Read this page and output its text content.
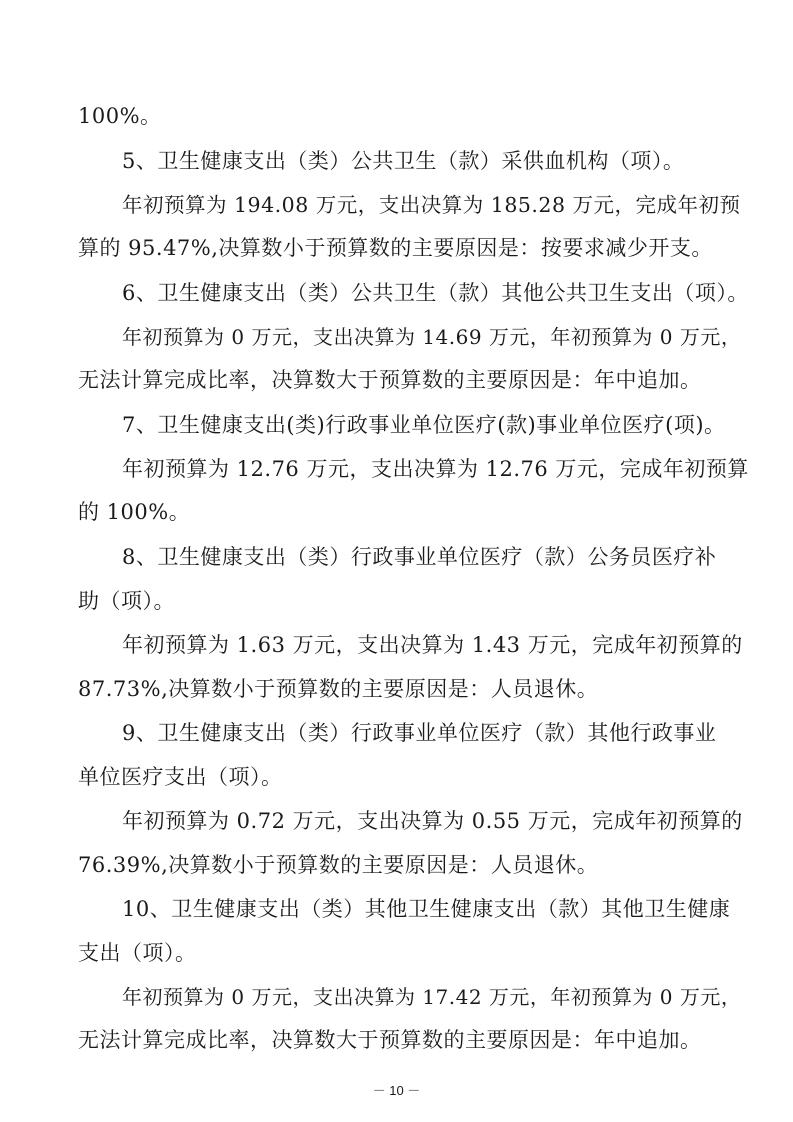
100%。
5、卫生健康支出（类）公共卫生（款）采供血机构（项）。
年初预算为 194.08 万元，支出决算为 185.28 万元，完成年初预
算的 95.47%,决算数小于预算数的主要原因是：按要求减少开支。
6、卫生健康支出（类）公共卫生（款）其他公共卫生支出（项）。
年初预算为 0 万元，支出决算为 14.69 万元，年初预算为 0 万元，
无法计算完成比率，决算数大于预算数的主要原因是：年中追加。
7、卫生健康支出(类)行政事业单位医疗(款)事业单位医疗(项)。
年初预算为 12.76 万元，支出决算为 12.76 万元，完成年初预算
的 100%。
8、卫生健康支出（类）行政事业单位医疗（款）公务员医疗补
助（项）。
年初预算为 1.63 万元，支出决算为 1.43 万元，完成年初预算的
87.73%,决算数小于预算数的主要原因是：人员退休。
9、卫生健康支出（类）行政事业单位医疗（款）其他行政事业
单位医疗支出（项）。
年初预算为 0.72 万元，支出决算为 0.55 万元，完成年初预算的
76.39%,决算数小于预算数的主要原因是：人员退休。
10、卫生健康支出（类）其他卫生健康支出（款）其他卫生健康
支出（项）。
年初预算为 0 万元，支出决算为 17.42 万元，年初预算为 0 万元，
无法计算完成比率，决算数大于预算数的主要原因是：年中追加。
－ 10 －
